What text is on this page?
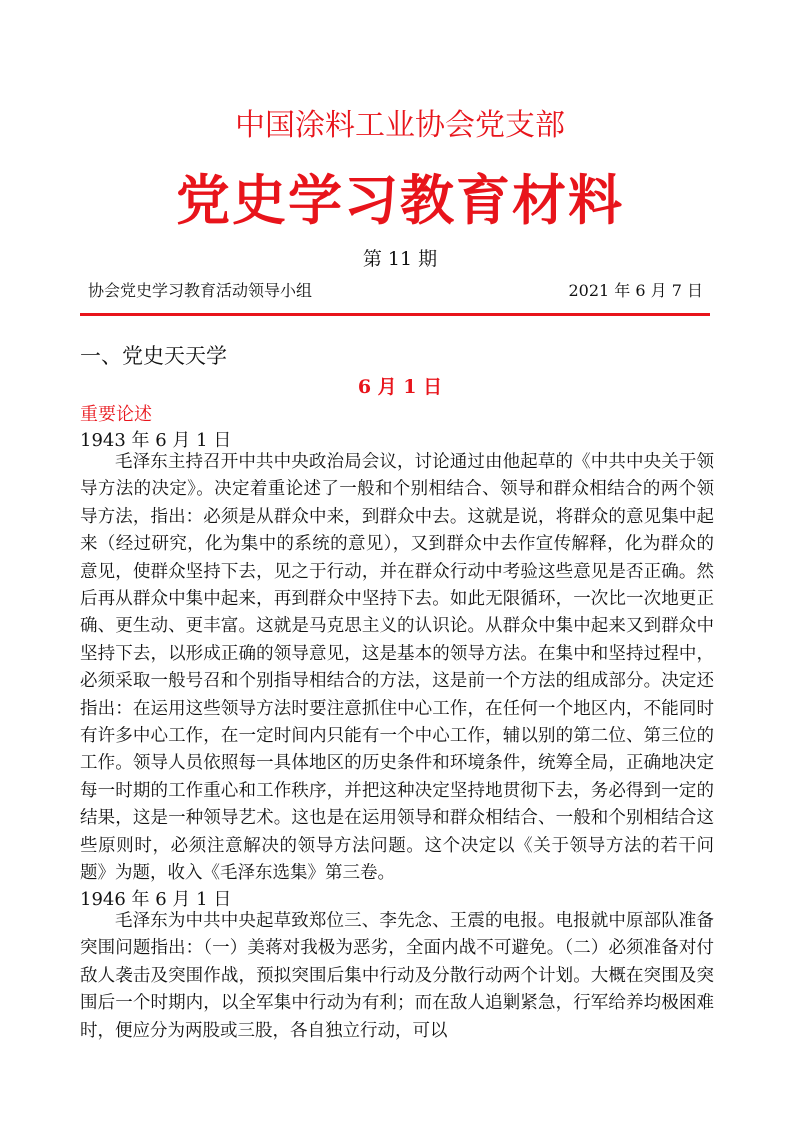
中国涂料工业协会党支部
党史学习教育材料
第 11 期
协会党史学习教育活动领导小组	2021 年 6 月 7 日
一、党史天天学
6 月 1 日
重要论述
1943 年 6 月 1 日

毛泽东主持召开中共中央政治局会议，讨论通过由他起草的《中共中央关于领导方法的决定》。决定着重论述了一般和个别相结合、领导和群众相结合的两个领导方法，指出：必须是从群众中来，到群众中去。这就是说，将群众的意见集中起来（经过研究，化为集中的系统的意见），又到群众中去作宣传解释，化为群众的意见，使群众坚持下去，见之于行动，并在群众行动中考验这些意见是否正确。然后再从群众中集中起来，再到群众中坚持下去。如此无限循环，一次比一次地更正确、更生动、更丰富。这就是马克思主义的认识论。从群众中集中起来又到群众中坚持下去，以形成正确的领导意见，这是基本的领导方法。在集中和坚持过程中，必须采取一般号召和个别指导相结合的方法，这是前一个方法的组成部分。决定还指出：在运用这些领导方法时要注意抓住中心工作，在任何一个地区内，不能同时有许多中心工作，在一定时间内只能有一个中心工作，辅以别的第二位、第三位的工作。领导人员依照每一具体地区的历史条件和环境条件，统筹全局，正确地决定每一时期的工作重心和工作秩序，并把这种决定坚持地贯彻下去，务必得到一定的结果，这是一种领导艺术。这也是在运用领导和群众相结合、一般和个别相结合这些原则时，必须注意解决的领导方法问题。这个决定以《关于领导方法的若干问题》为题，收入《毛泽东选集》第三卷。

1946 年 6 月 1 日

毛泽东为中共中央起草致郑位三、李先念、王震的电报。电报就中原部队准备突围问题指出：（一）美蒋对我极为恶劣，全面内战不可避免。（二）必须准备对付敌人袭击及突围作战，预拟突围后集中行动及分散行动两个计划。大概在突围及突围后一个时期内，以全军集中行动为有利；而在敌人追剿紧急，行军给养均极困难时，便应分为两股或三股，各自独立行动，可以
